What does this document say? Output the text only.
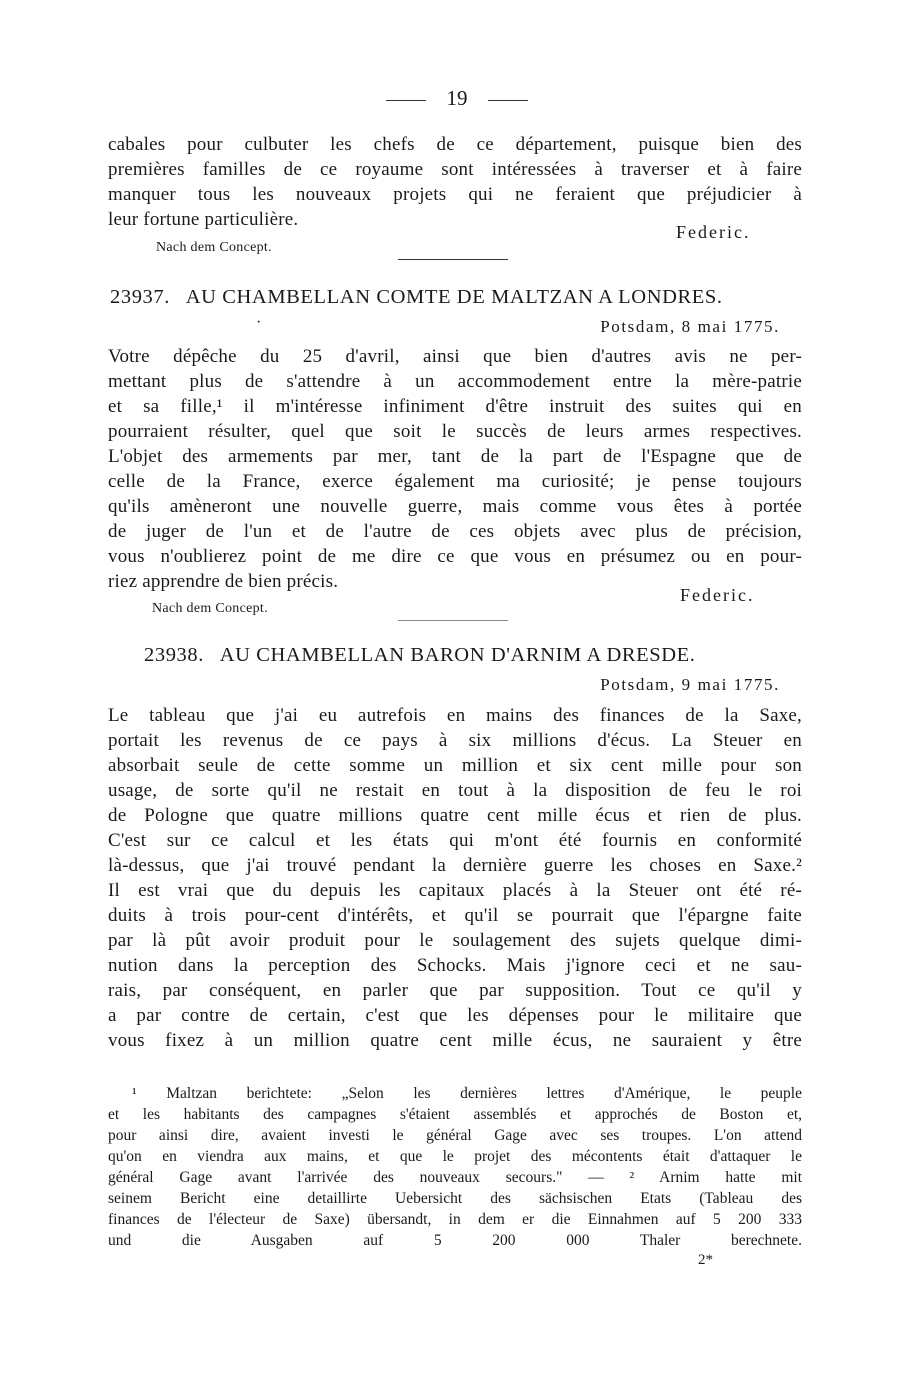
19
cabales pour culbuter les chefs de ce département, puisque bien des
premières familles de ce royaume sont intéressées à traverser et à faire
manquer tous les nouveaux projets qui ne feraient que préjudicier à
leur fortune particulière.
Federic.
Nach dem Concept.
23937. AU CHAMBELLAN COMTE DE MALTZAN A LONDRES.
·	Potsdam, 8 mai 1775.
Votre dépêche du 25 d'avril, ainsi que bien d'autres avis ne per-
mettant plus de s'attendre à un accommodement entre la mère-patrie
et sa fille,¹ il m'intéresse infiniment d'être instruit des suites qui en
pourraient résulter, quel que soit le succès de leurs armes respectives.
L'objet des armements par mer, tant de la part de l'Espagne que de
celle de la France, exerce également ma curiosité; je pense toujours
qu'ils amèneront une nouvelle guerre, mais comme vous êtes à portée
de juger de l'un et de l'autre de ces objets avec plus de précision,
vous n'oublierez point de me dire ce que vous en présumez ou en pour-
riez apprendre de bien précis.
Federic.
Nach dem Concept.
23938. AU CHAMBELLAN BARON D'ARNIM A DRESDE.
Potsdam, 9 mai 1775.
Le tableau que j'ai eu autrefois en mains des finances de la Saxe,
portait les revenus de ce pays à six millions d'écus. La Steuer en
absorbait seule de cette somme un million et six cent mille pour son
usage, de sorte qu'il ne restait en tout à la disposition de feu le roi
de Pologne que quatre millions quatre cent mille écus et rien de plus.
C'est sur ce calcul et les états qui m'ont été fournis en conformité
là-dessus, que j'ai trouvé pendant la dernière guerre les choses en Saxe.²
Il est vrai que du depuis les capitaux placés à la Steuer ont été ré-
duits à trois pour-cent d'intérêts, et qu'il se pourrait que l'épargne faite
par là pût avoir produit pour le soulagement des sujets quelque dimi-
nution dans la perception des Schocks. Mais j'ignore ceci et ne sau-
rais, par conséquent, en parler que par supposition. Tout ce qu'il y
a par contre de certain, c'est que les dépenses pour le militaire que
vous fixez à un million quatre cent mille écus, ne sauraient y être
¹ Maltzan berichtete: „Selon les dernières lettres d'Amérique, le peuple
et les habitants des campagnes s'étaient assemblés et approchés de Boston et,
pour ainsi dire, avaient investi le général Gage avec ses troupes. L'on attend
qu'on en viendra aux mains, et que le projet des mécontents était d'attaquer le
général Gage avant l'arrivée des nouveaux secours." — ² Arnim hatte mit
seinem Bericht eine detaillirte Uebersicht des sächsischen Etats (Tableau des
finances de l'électeur de Saxe) übersandt, in dem er die Einnahmen auf 5 200 333
und die Ausgaben auf 5 200 000 Thaler berechnete.
2*
